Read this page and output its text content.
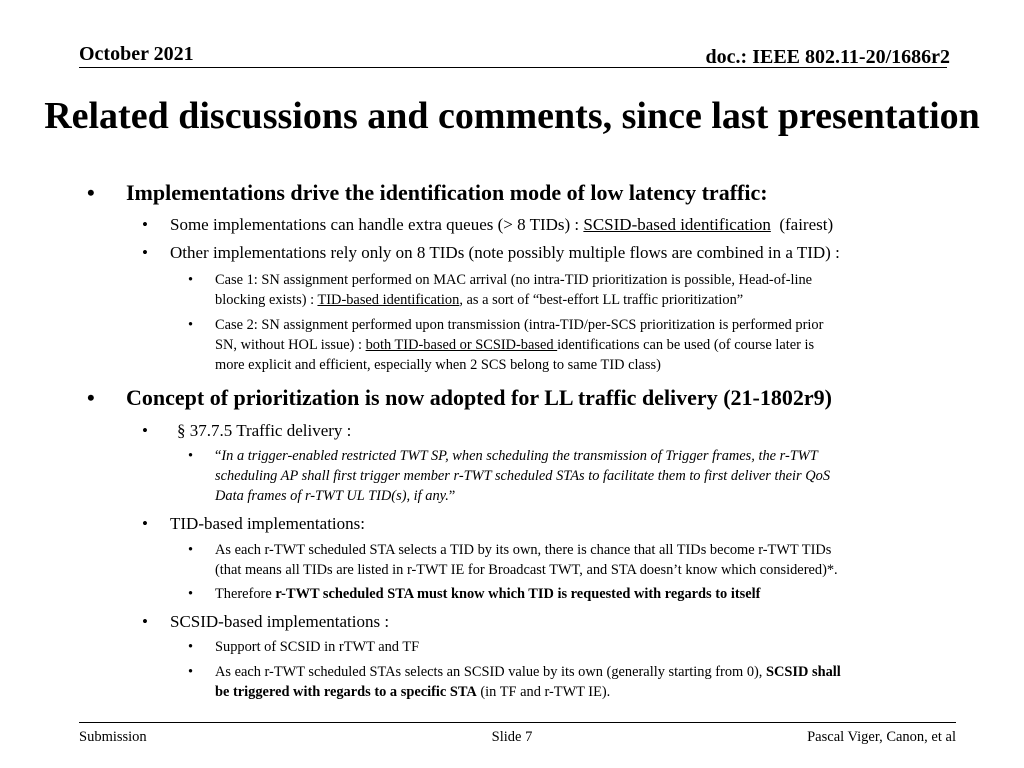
October 2021	doc.: IEEE 802.11-20/1686r2
Related discussions and comments, since last presentation
• Implementations drive the identification mode of low latency traffic:
• Some implementations can handle extra queues (> 8 TIDs) : SCSID-based identification  (fairest)
• Other implementations rely only on 8 TIDs (note possibly multiple flows are combined in a TID) :
• Case 1: SN assignment performed on MAC arrival (no intra-TID prioritization is possible, Head-of-line
blocking exists) : TID-based identification, as a sort of “best-effort LL traffic prioritization”
• Case 2: SN assignment performed upon transmission (intra-TID/per-SCS prioritization is performed prior
SN, without HOL issue) : both TID-based or SCSID-based identifications can be used (of course later is
more explicit and efficient, especially when 2 SCS belong to same TID class)
• Concept of prioritization is now adopted for LL traffic delivery (21-1802r9)
• § 37.7.5 Traffic delivery :
• “In a trigger-enabled restricted TWT SP, when scheduling the transmission of Trigger frames, the r-TWT
scheduling AP shall first trigger member r-TWT scheduled STAs to facilitate them to first deliver their QoS
Data frames of r-TWT UL TID(s), if any.”
• TID-based implementations:
• As each r-TWT scheduled STA selects a TID by its own, there is chance that all TIDs become r-TWT TIDs
(that means all TIDs are listed in r-TWT IE for Broadcast TWT, and STA doesn’t know which considered)*.
• Therefore r-TWT scheduled STA must know which TID is requested with regards to itself
• SCSID-based implementations :
• Support of SCSID in rTWT and TF
• As each r-TWT scheduled STAs selects an SCSID value by its own (generally starting from 0), SCSID shall
be triggered with regards to a specific STA (in TF and r-TWT IE).
Submission	Slide 7	Pascal Viger, Canon, et al
